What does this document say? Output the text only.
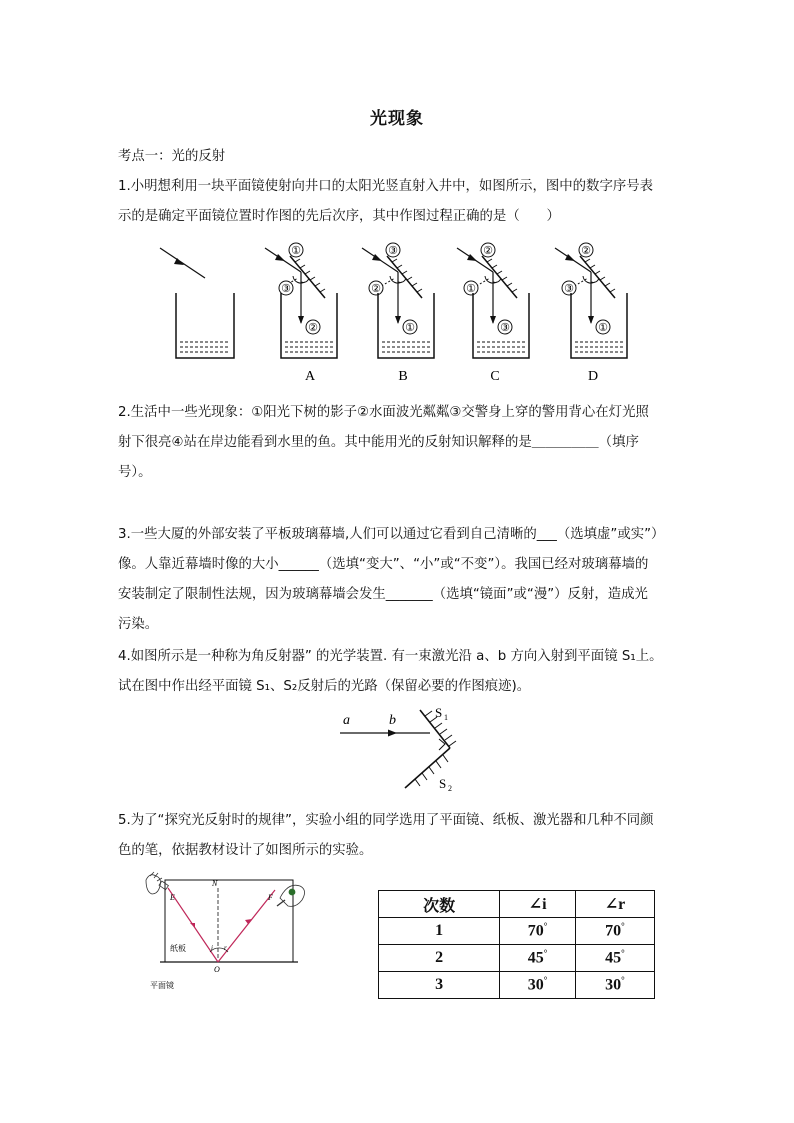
光现象
考点一：光的反射
1.小明想利用一块平面镜使射向井口的太阳光竖直射入井中，如图所示，图中的数字序号表
示的是确定平面镜位置时作图的先后次序，其中作图过程正确的是（　　）
①
③
②
A
③
②
①
B
②
①
③
C
②
③
①
D
2.生活中一些光现象：①阳光下树的影子②水面波光粼粼③交警身上穿的警用背心在灯光照
射下很亮④站在岸边能看到水里的鱼。其中能用光的反射知识解释的是＿＿＿＿＿（填序
号）。
3.一些大厦的外部安装了平板玻璃幕墙,人们可以通过它看到自己清晰的___（选填虚”或实”）
像。人靠近幕墙时像的大小______（选填“变大”、“小”或“不变”）。我国已经对玻璃幕墙的
安装制定了限制性法规，因为玻璃幕墙会发生_______（选填“镜面”或“漫”）反射，造成光
污染。
4.如图所示是一种称为角反射器” 的光学装置. 有一束激光沿 a、b 方向入射到平面镜 S₁上。
试在图中作出经平面镜 S₁、S₂反射后的光路（保留必要的作图痕迹)。
a	b
S 1
S 2
5.为了“探究光反射时的规律”，实验小组的同学选用了平面镜、纸板、激光器和几种不同颜
色的笔，依据教材设计了如图所示的实验。
N
E	F
O
i r
纸板
平面镜
次数	∠i	∠r
1	70°	70°
2	45°	45°
3	30°	30°
